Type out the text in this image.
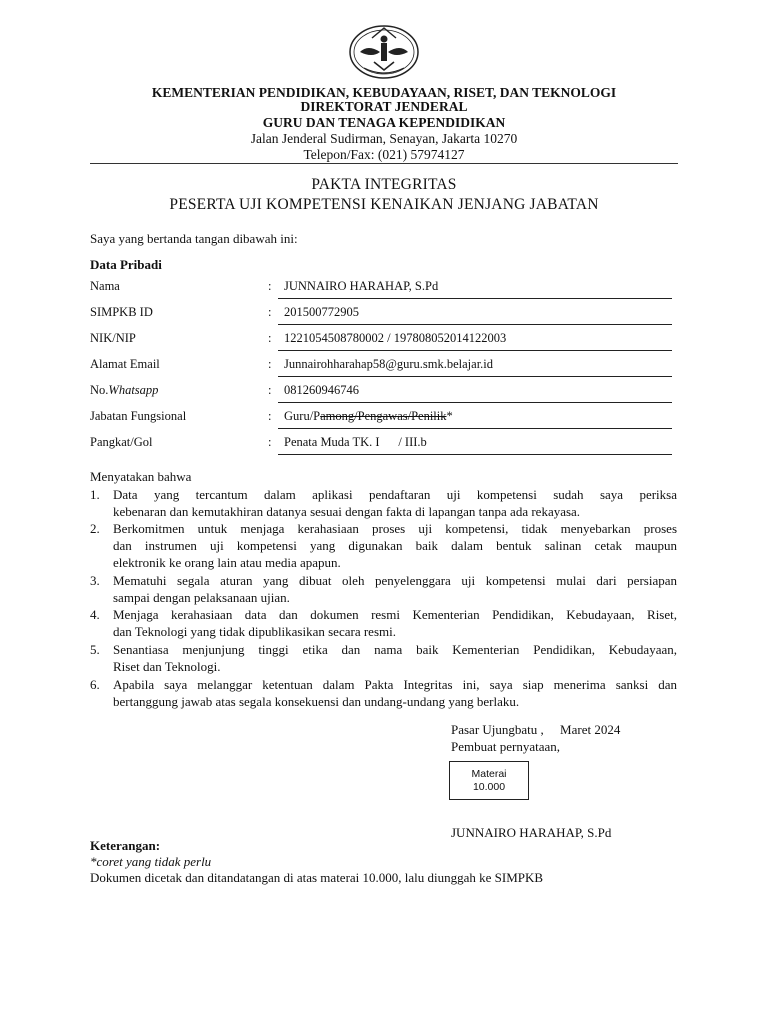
KEMENTERIAN PENDIDIKAN, KEBUDAYAAN, RISET, DAN TEKNOLOGI
DIREKTORAT JENDERAL
GURU DAN TENAGA KEPENDIDIKAN
Jalan Jenderal Sudirman, Senayan, Jakarta 10270
Telepon/Fax: (021) 57974127
PAKTA INTEGRITAS
PESERTA UJI KOMPETENSI KENAIKAN JENJANG JABATAN
Saya yang bertanda tangan dibawah ini:
Data Pribadi
Nama	: JUNNAIRO HARAHAP, S.Pd
SIMPKB ID	: 201500772905
NIK/NIP	: 1221054508780002 / 197808052014122003
Alamat Email	: Junnairohharahap58@guru.smk.belajar.id
No.Whatsapp	: 081260946746
Jabatan Fungsional	: Guru/Pamong/Pengawas/Penilik*
Pangkat/Gol	: Penata Muda TK. I      / III.b
Menyatakan bahwa
1.	Data yang tercantum dalam aplikasi pendaftaran uji kompetensi sudah saya periksa
kebenaran dan kemutakhiran datanya sesuai dengan fakta di lapangan tanpa ada rekayasa.
2.	Berkomitmen untuk menjaga kerahasiaan proses uji kompetensi, tidak menyebarkan proses
dan instrumen uji kompetensi yang digunakan baik dalam bentuk salinan cetak maupun
elektronik ke orang lain atau media apapun.
3.	Mematuhi segala aturan yang dibuat oleh penyelenggara uji kompetensi mulai dari persiapan
sampai dengan pelaksanaan ujian.
4.	Menjaga kerahasiaan data dan dokumen resmi Kementerian Pendidikan, Kebudayaan, Riset,
dan Teknologi yang tidak dipublikasikan secara resmi.
5.	Senantiasa menjunjung tinggi etika dan nama baik Kementerian Pendidikan, Kebudayaan,
Riset dan Teknologi.
6.	Apabila saya melanggar ketentuan dalam Pakta Integritas ini, saya siap menerima sanksi dan
bertanggung jawab atas segala konsekuensi dan undang-undang yang berlaku.
Pasar Ujungbatu ,     Maret 2024
Pembuat pernyataan,
Materai
10.000
JUNNAIRO HARAHAP, S.Pd
Keterangan:
*coret yang tidak perlu
Dokumen dicetak dan ditandatangan di atas materai 10.000, lalu diunggah ke SIMPKB
